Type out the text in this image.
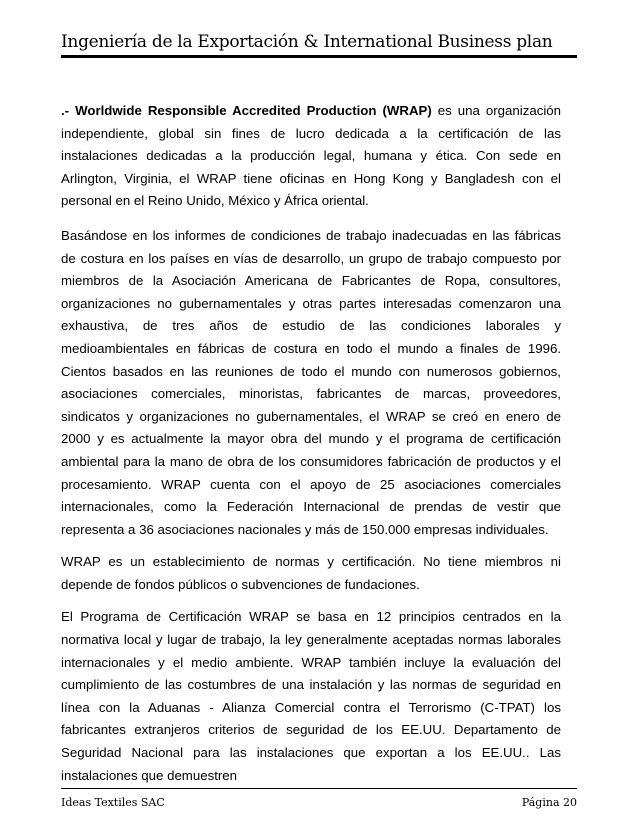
Ingeniería de la Exportación & International Business plan

.- Worldwide Responsible Accredited Production (WRAP) es una organización independiente, global sin fines de lucro dedicada a la certificación de las instalaciones dedicadas a la producción legal, humana y ética. Con sede en Arlington, Virginia, el WRAP tiene oficinas en Hong Kong y Bangladesh con el personal en el Reino Unido, México y África oriental.

Basándose en los informes de condiciones de trabajo inadecuadas en las fábricas de costura en los países en vías de desarrollo, un grupo de trabajo compuesto por miembros de la Asociación Americana de Fabricantes de Ropa, consultores, organizaciones no gubernamentales y otras partes interesadas comenzaron una exhaustiva, de tres años de estudio de las condiciones laborales y medioambientales en fábricas de costura en todo el mundo a finales de 1996. Cientos basados en las reuniones de todo el mundo con numerosos gobiernos, asociaciones comerciales, minoristas, fabricantes de marcas, proveedores, sindicatos y organizaciones no gubernamentales, el WRAP se creó en enero de 2000 y es actualmente la mayor obra del mundo y el programa de certificación ambiental para la mano de obra de los consumidores fabricación de productos y el procesamiento. WRAP cuenta con el apoyo de 25 asociaciones comerciales internacionales, como la Federación Internacional de prendas de vestir que representa a 36 asociaciones nacionales y más de 150.000 empresas individuales.

WRAP es un establecimiento de normas y certificación. No tiene miembros ni depende de fondos públicos o subvenciones de fundaciones.

El Programa de Certificación WRAP se basa en 12 principios centrados en la normativa local y lugar de trabajo, la ley generalmente aceptadas normas laborales internacionales y el medio ambiente. WRAP también incluye la evaluación del cumplimiento de las costumbres de una instalación y las normas de seguridad en línea con la Aduanas - Alianza Comercial contra el Terrorismo (C-TPAT) los fabricantes extranjeros criterios de seguridad de los EE.UU. Departamento de Seguridad Nacional para las instalaciones que exportan a los EE.UU.. Las instalaciones que demuestren

Ideas Textiles SAC	Página 20
